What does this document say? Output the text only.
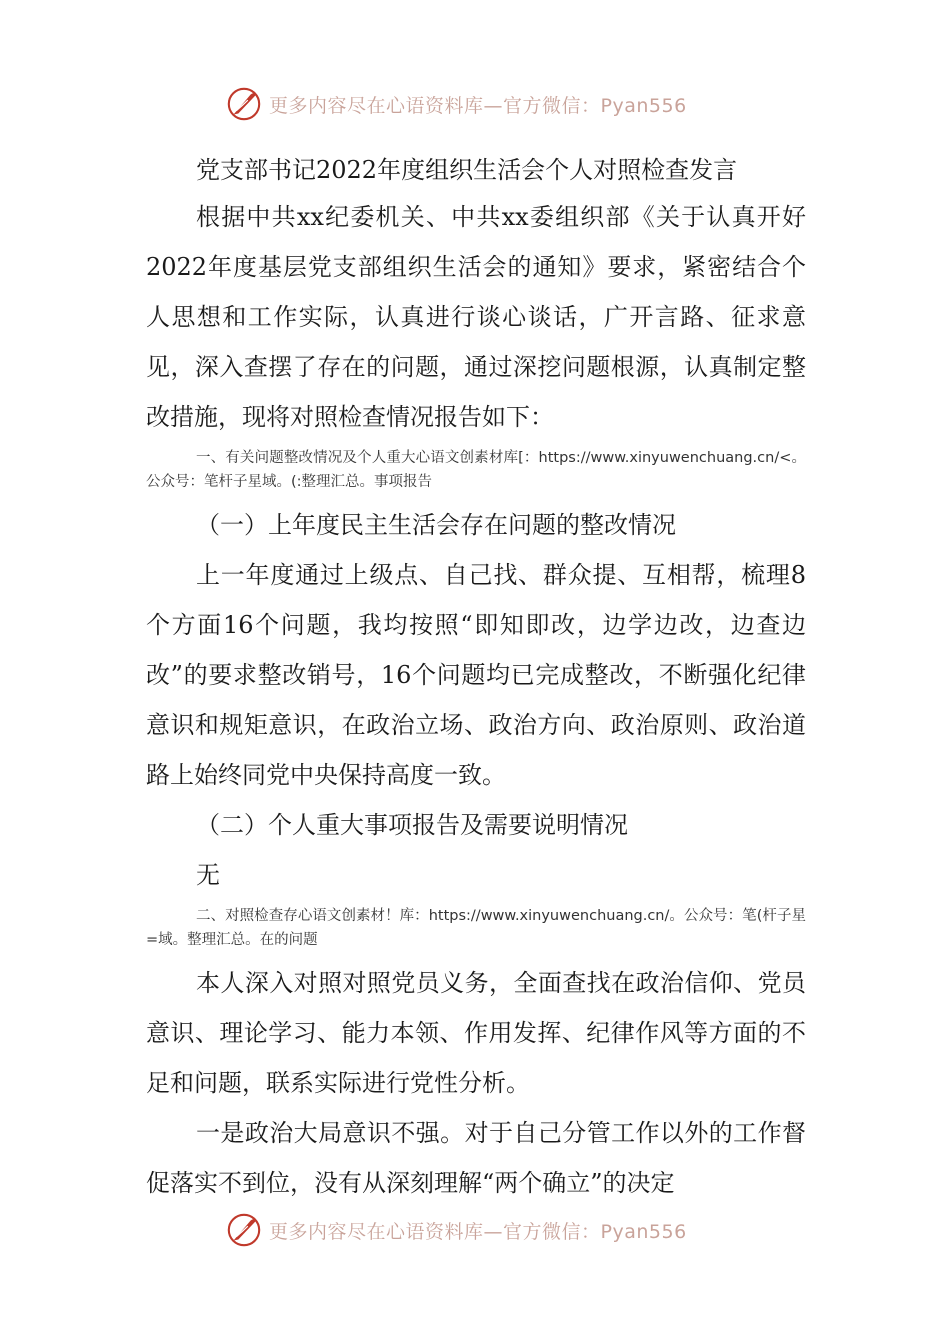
更多内容尽在心语资料库—官方微信：Pyan556

党支部书记2022年度组织生活会个人对照检查发言

根据中共xx纪委机关、中共xx委组织部《关于认真开好2022年度基层党支部组织生活会的通知》要求，紧密结合个人思想和工作实际，认真进行谈心谈话，广开言路、征求意见，深入查摆了存在的问题，通过深挖问题根源，认真制定整改措施，现将对照检查情况报告如下：

一、有关问题整改情况及个人重大心语文创素材库[：https://www.xinyuwenchuang.cn/<。公众号：笔杆子星域。(:整理汇总。事项报告

（一）上年度民主生活会存在问题的整改情况

上一年度通过上级点、自己找、群众提、互相帮，梳理8个方面16个问题，我均按照“即知即改，边学边改，边查边改”的要求整改销号，16个问题均已完成整改，不断强化纪律意识和规矩意识，在政治立场、政治方向、政治原则、政治道路上始终同党中央保持高度一致。

（二）个人重大事项报告及需要说明情况

无

二、对照检查存心语文创素材！库：https://www.xinyuwenchuang.cn/。公众号：笔(杆子星=域。整理汇总。在的问题

本人深入对照对照党员义务，全面查找在政治信仰、党员意识、理论学习、能力本领、作用发挥、纪律作风等方面的不足和问题，联系实际进行党性分析。

一是政治大局意识不强。对于自己分管工作以外的工作督促落实不到位，没有从深刻理解“两个确立”的决定

更多内容尽在心语资料库—官方微信：Pyan556
